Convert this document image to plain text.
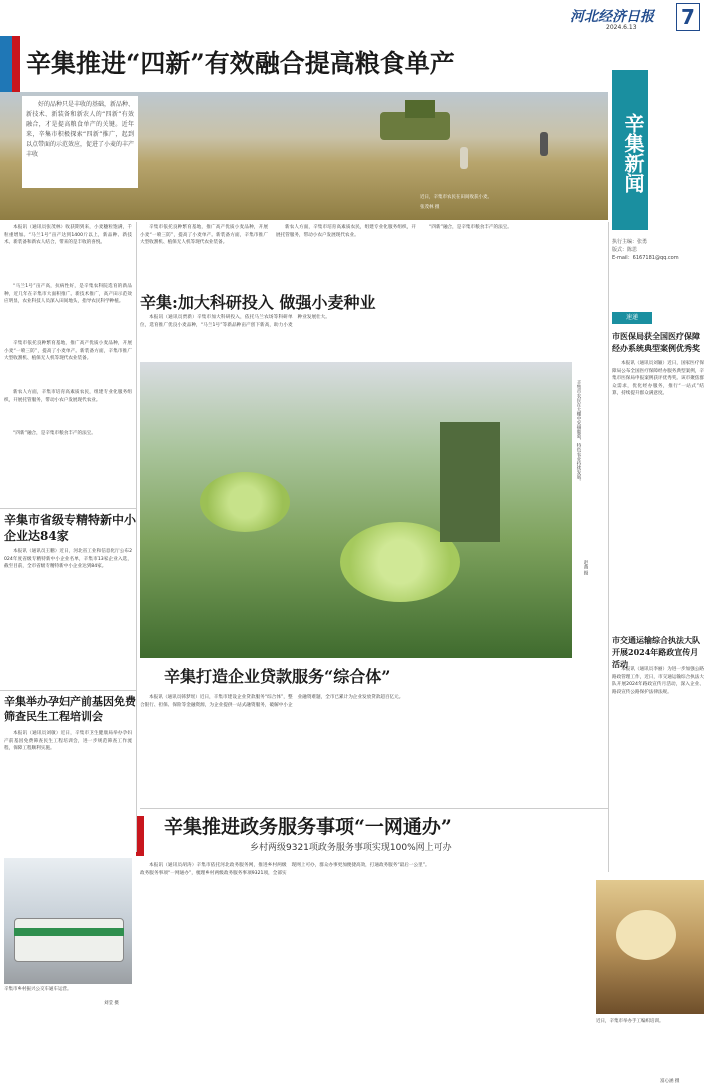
河北经济日报
2024.6.13 7
辛集推进“四新”有效融合提高粮食单产
好的品种只是丰收的基础，新品种、新技术、新装备和新农人的“四新”有效融合，才是提高粮食单产的关键。近年来，辛集市积极探索“四新”推广，起到以点带面的示范效应，促进了小麦的丰产丰收

本报讯（通讯员张茂林）收获期到来，小麦穗粒饱满，千粒重增加。“马兰1号”亩产达到1400斤以上，新品种、新技术、新装备和新农人结合，带来的是丰收的喜悦。

“马兰1号”亩产高，抗病性好，是辛集农科院选育的新品种，近几年在辛集市大面积推广。新技术推广，高产田示范效应明显，农业科技人员深入田间地头，指导农民科学种植。

辛集市依托良种繁育基地，推广高产优质小麦品种，开展小麦“一喷三防”，提高了小麦单产。新装备方面，辛集市推广大型收割机、植保无人机等现代农业装备。

新农人方面，辛集市培育高素质农民，组建专业化服务组织，开展托管服务，带动小农户发展现代农业。

“四新”融合，是辛集市粮食丰产的法宝。

辛集市依托良种繁育基地，推广高产优质小麦品种，开展小麦“一喷三防”，提高了小麦单产。新装备方面，辛集市推广大型收割机、植保无人机等现代农业装备。

新农人方面，辛集市培育高素质农民，组建专业化服务组织，开展托管服务，带动小农户发展现代农业。

“四新”融合，是辛集市粮食丰产的法宝。

辛集新闻
执行主编：张勇
版式：陈思
E-mail：6167181@qq.com
辛集:加大科研投入 做强小麦种业

本报讯（通讯员贾新）辛集市加大科研投入，依托马兰农场等科研单位，选育推广优良小麦品种，“马兰1号”等新品种亩产创下新高，助力小麦种业发展壮大。	速递
市医保局获全国医疗保障经办系统典型案例优秀奖

本报讯（通讯员刘颖）近日，国家医疗保障局公布全国医疗保障经办服务典型案例，辛集市医保局申报案例获评优秀奖。该市聚焦群众需求，优化经办服务，推行“一站式”结算，持续提升群众满意度。

市交通运输综合执法大队开展2024年路政宣传月活动

本报讯（通讯员李丽）为进一步加强公路路政管理工作，近日，市交通运输综合执法大队开展2024年路政宣传月活动，深入企业、路段宣传公路保护法律法规。

辛集市省级专精特新中小企业达84家

本报讯（通讯员王鹏）近日，河北省工业和信息化厅公布2024年度省级专精特新中小企业名单，辛集市13家企业入选，截至目前，全市省级专精特新中小企业达到84家。

辛集举办孕妇产前基因免费筛查民生工程培训会

本报讯（通讯员刘敏）近日，辛集市卫生健康局举办孕妇产前基因免费筛查民生工程培训会，进一步规范筛查工作流程，保障工程顺利实施。

辛集市农民在大棚中采摘葡萄，特色农业持续发展。
赵燕 摄
辛集打造企业贷款服务“综合体”

本报讯（通讯员韩梦瑶）近日，辛集市建设企业贷款服务“综合体”，整合银行、担保、保险等金融资源，为企业提供一站式融资服务，破解中小企业融资难题，全市已累计为企业发放贷款超百亿元。

辛集市乡村振兴公交车通车运营。
刘莹 摄
辛集推进政务服务事项“一网通办”
乡村两级9321项政务服务事项实现100%网上可办

本报讯（通讯员胡涛）辛集市依托河北政务服务网，推进乡村两级政务服务事项“一网通办”，梳理乡村两级政务服务事项9321项，全部实现网上可办，群众办事更加便捷高效，打通政务服务“最后一公里”。

近日，辛集市举办手工编织培训。
富心涵 摄
近日，辛集市农民在田间收获小麦。
张茂林 摄
